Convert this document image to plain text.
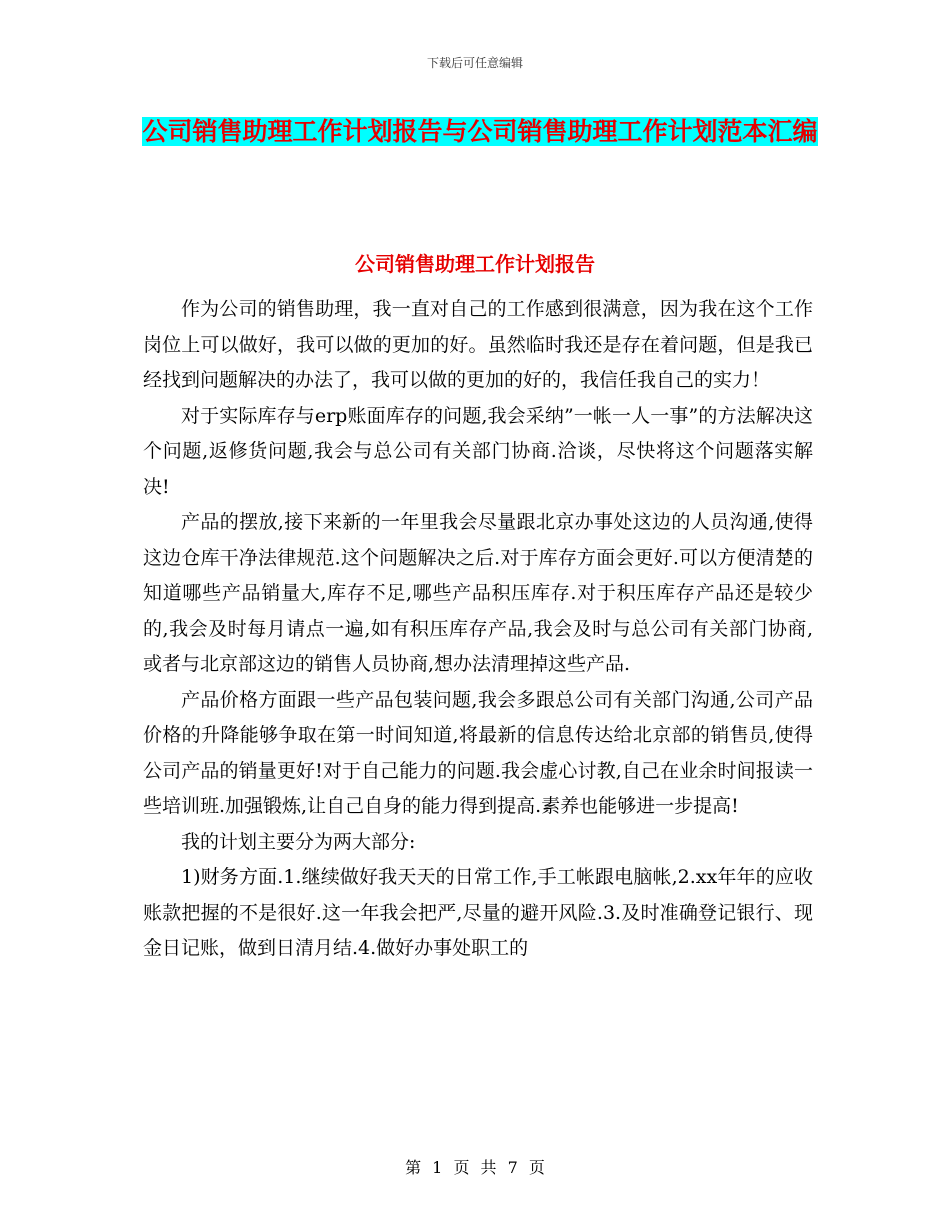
下载后可任意编辑
公司销售助理工作计划报告与公司销售助理工作计划范本汇编
公司销售助理工作计划报告

作为公司的销售助理，我一直对自己的工作感到很满意，因为我在这个工作岗位上可以做好，我可以做的更加的好。虽然临时我还是存在着问题，但是我已经找到问题解决的办法了，我可以做的更加的好的，我信任我自己的实力！

对于实际库存与erp账面库存的问题,我会采纳”一帐一人一事”的方法解决这个问题,返修货问题,我会与总公司有关部门协商.洽谈，尽快将这个问题落实解决!

产品的摆放,接下来新的一年里我会尽量跟北京办事处这边的人员沟通,使得这边仓库干净法律规范.这个问题解决之后.对于库存方面会更好.可以方便清楚的知道哪些产品销量大,库存不足,哪些产品积压库存.对于积压库存产品还是较少的,我会及时每月请点一遍,如有积压库存产品,我会及时与总公司有关部门协商,或者与北京部这边的销售人员协商,想办法清理掉这些产品.

产品价格方面跟一些产品包装问题,我会多跟总公司有关部门沟通,公司产品价格的升降能够争取在第一时间知道,将最新的信息传达给北京部的销售员,使得公司产品的销量更好!对于自己能力的问题.我会虚心讨教,自己在业余时间报读一些培训班.加强锻炼,让自己自身的能力得到提高.素养也能够进一步提高!

我的计划主要分为两大部分:

1)财务方面.1.继续做好我天天的日常工作,手工帐跟电脑帐,2.xx年年的应收账款把握的不是很好.这一年我会把严,尽量的避开风险.3.及时准确登记银行、现金日记账，做到日清月结.4.做好办事处职工的

第 1 页 共 7 页
